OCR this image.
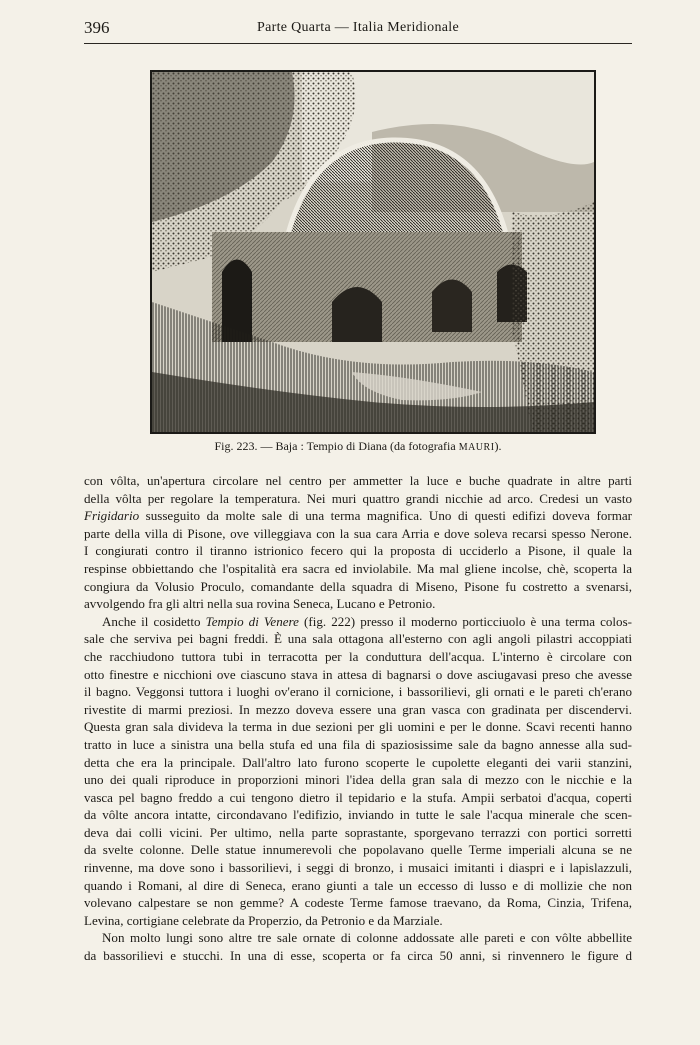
396	Parte Quarta — Italia Meridionale
Fig. 223. — Baja : Tempio di Diana (da fotografia MAURI).

con vôlta, un'apertura circolare nel centro per ammetter la luce e buche quadrate in altre parti
della vôlta per regolare la temperatura. Nei muri quattro grandi nicchie ad arco. Credesi un vasto
Frigidario susseguito da molte sale di una terma magnifica. Uno di questi edifizi doveva formar
parte della villa di Pisone, ove villeggiava con la sua cara Arria e dove soleva recarsi spesso Nerone.
I congiurati contro il tiranno istrionico fecero qui la proposta di ucciderlo a Pisone, il quale la
respinse obbiettando che l'ospitalità era sacra ed inviolabile. Ma mal gliene incolse, chè, scoperta la
congiura da Volusio Proculo, comandante della squadra di Miseno, Pisone fu costretto a svenarsi,
avvolgendo fra gli altri nella sua rovina Seneca, Lucano e Petronio.

Anche il cosidetto Tempio di Venere (fig. 222) presso il moderno porticciuolo è una terma colos-
sale che serviva pei bagni freddi. È una sala ottagona all'esterno con agli angoli pilastri accoppiati
che racchiudono tuttora tubi in terracotta per la conduttura dell'acqua. L'interno è circolare con
otto finestre e nicchioni ove ciascuno stava in attesa di bagnarsi o dove asciugavasi preso che avesse
il bagno. Veggonsi tuttora i luoghi ov'erano il cornicione, i bassorilievi, gli ornati e le pareti ch'erano
rivestite di marmi preziosi. In mezzo doveva essere una gran vasca con gradinata per discendervi.
Questa gran sala divideva la terma in due sezioni per gli uomini e per le donne. Scavi recenti hanno
tratto in luce a sinistra una bella stufa ed una fila di spaziosissime sale da bagno annesse alla sud-
detta che era la principale. Dall'altro lato furono scoperte le cupolette eleganti dei varii stanzini,
uno dei quali riproduce in proporzioni minori l'idea della gran sala di mezzo con le nicchie e la
vasca pel bagno freddo a cui tengono dietro il tepidario e la stufa. Ampii serbatoi d'acqua, coperti
da vôlte ancora intatte, circondavano l'edifizio, inviando in tutte le sale l'acqua minerale che scen-
deva dai colli vicini. Per ultimo, nella parte soprastante, sporgevano terrazzi con portici sorretti
da svelte colonne. Delle statue innumerevoli che popolavano quelle Terme imperiali alcuna se ne
rinvenne, ma dove sono i bassorilievi, i seggi di bronzo, i musaici imitanti i diaspri e i lapislazzuli,
quando i Romani, al dire di Seneca, erano giunti a tale un eccesso di lusso e di mollizie che non
volevano calpestare se non gemme? A codeste Terme famose traevano, da Roma, Cinzia, Trifena,
Levina, cortigiane celebrate da Properzio, da Petronio e da Marziale.

Non molto lungi sono altre tre sale ornate di colonne addossate alle pareti e con vôlte abbellite
da bassorilievi e stucchi. In una di esse, scoperta or fa circa 50 anni, si rinvennero le figure d
